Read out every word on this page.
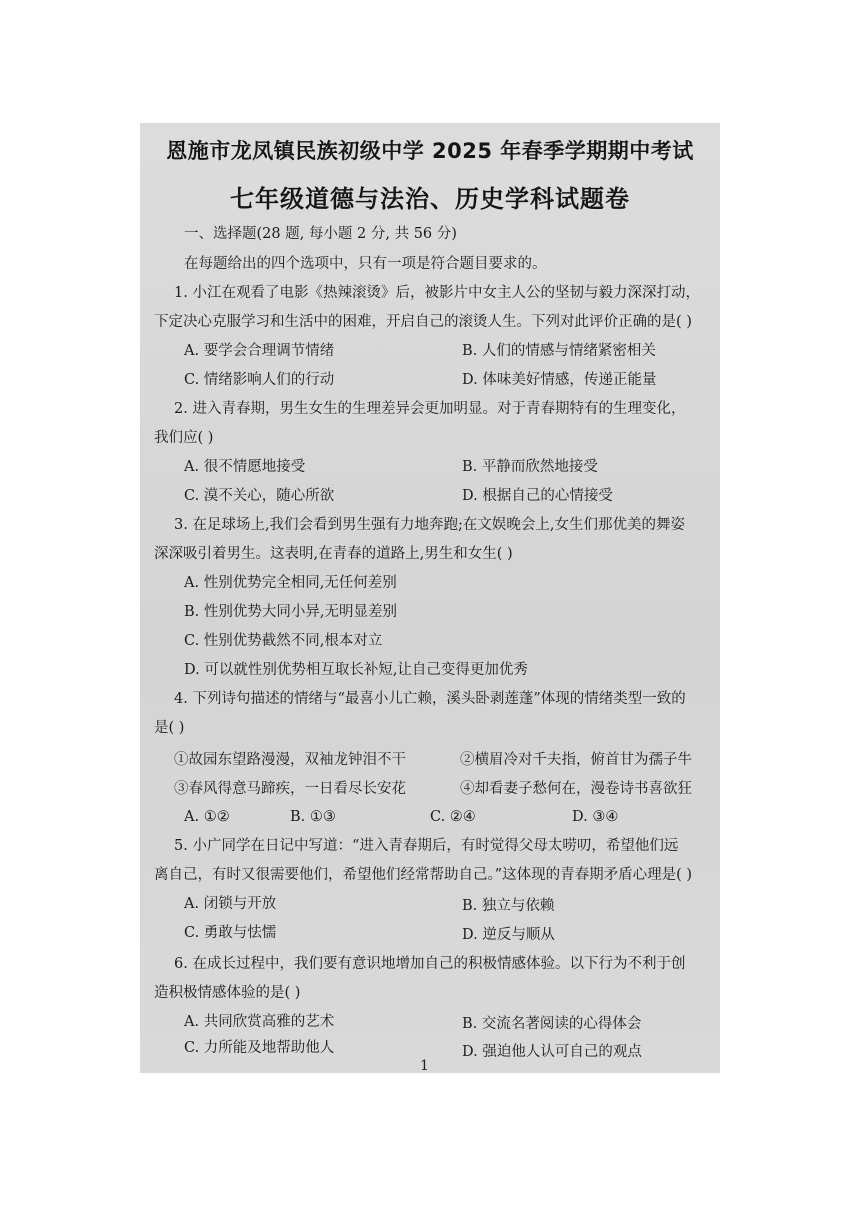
恩施市龙凤镇民族初级中学 2025 年春季学期期中考试
七年级道德与法治、历史学科试题卷
一、选择题(28 题, 每小题 2 分, 共 56 分)
在每题给出的四个选项中，只有一项是符合题目要求的。
1. 小江在观看了电影《热辣滚烫》后，被影片中女主人公的坚韧与毅力深深打动，
下定决心克服学习和生活中的困难，开启自己的滚烫人生。下列对此评价正确的是( )
A. 要学会合理调节情绪	B. 人们的情感与情绪紧密相关
C. 情绪影响人们的行动	D. 体味美好情感，传递正能量
2. 进入青春期，男生女生的生理差异会更加明显。对于青春期特有的生理变化，
我们应( )
A. 很不情愿地接受	B. 平静而欣然地接受
C. 漠不关心，随心所欲	D. 根据自己的心情接受
3. 在足球场上,我们会看到男生强有力地奔跑;在文娱晚会上,女生们那优美的舞姿
深深吸引着男生。这表明,在青春的道路上,男生和女生( )
A. 性别优势完全相同,无任何差别
B. 性别优势大同小异,无明显差别
C. 性别优势截然不同,根本对立
D. 可以就性别优势相互取长补短,让自己变得更加优秀
4. 下列诗句描述的情绪与“最喜小儿亡赖，溪头卧剥莲蓬”体现的情绪类型一致的
是( )
①故园东望路漫漫，双袖龙钟泪不干	②横眉冷对千夫指，俯首甘为孺子牛
③春风得意马蹄疾，一日看尽长安花	④却看妻子愁何在，漫卷诗书喜欲狂
A. ①②	B. ①③	C. ②④	D. ③④
5. 小广同学在日记中写道：“进入青春期后，有时觉得父母太唠叨，希望他们远
离自己，有时又很需要他们，希望他们经常帮助自己。”这体现的青春期矛盾心理是( )
A. 闭锁与开放	B. 独立与依赖
C. 勇敢与怯懦	D. 逆反与顺从
6. 在成长过程中，我们要有意识地增加自己的积极情感体验。以下行为不利于创
造积极情感体验的是( )
A. 共同欣赏高雅的艺术	B. 交流名著阅读的心得体会
C. 力所能及地帮助他人	D. 强迫他人认可自己的观点
1
